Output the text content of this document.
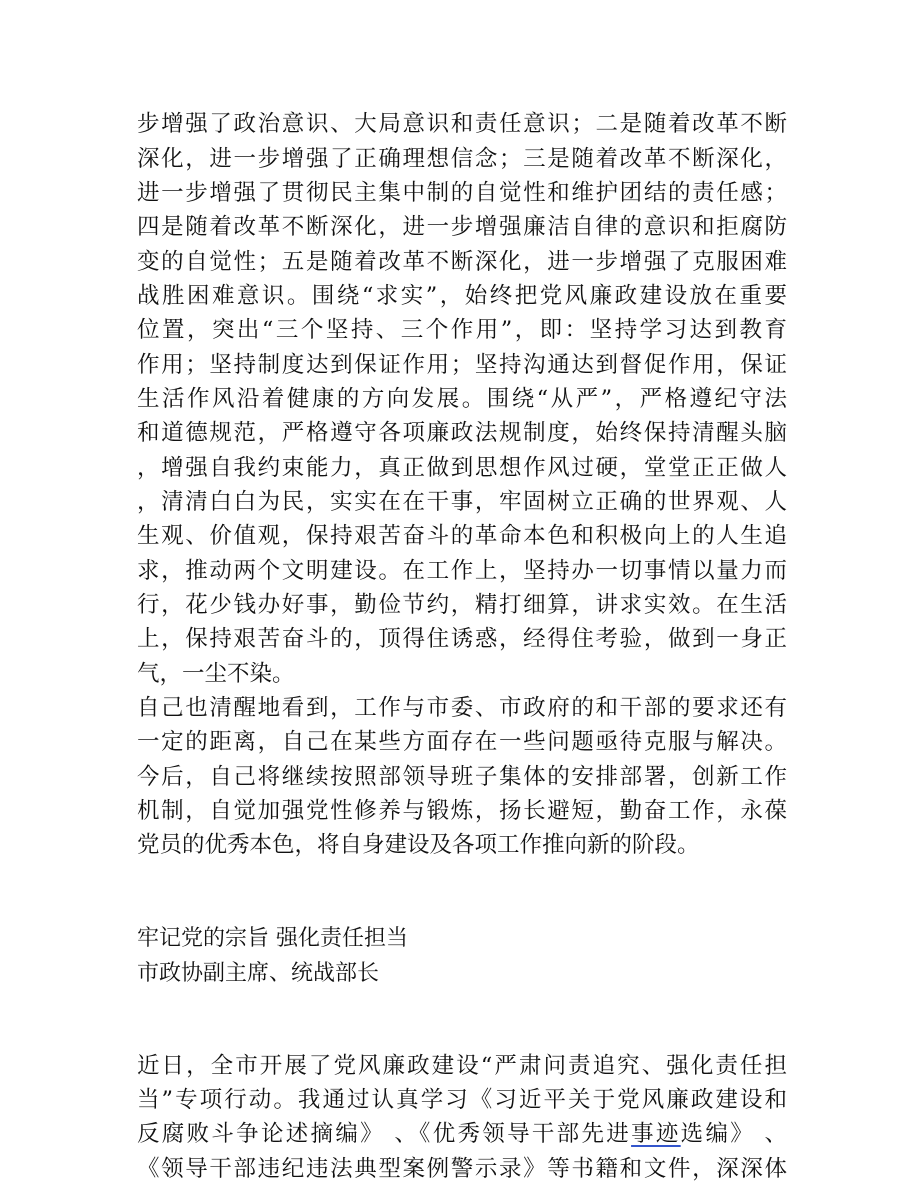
步增强了政治意识、大局意识和责任意识；二是随着改革不断
深化，进一步增强了正确理想信念；三是随着改革不断深化，
进一步增强了贯彻民主集中制的自觉性和维护团结的责任感；
四是随着改革不断深化，进一步增强廉洁自律的意识和拒腐防
变的自觉性；五是随着改革不断深化，进一步增强了克服困难
战胜困难意识。围绕“求实”，始终把党风廉政建设放在重要
位置，突出“三个坚持、三个作用”，即：坚持学习达到教育
作用；坚持制度达到保证作用；坚持沟通达到督促作用，保证
生活作风沿着健康的方向发展。围绕“从严”，严格遵纪守法
和道德规范，严格遵守各项廉政法规制度，始终保持清醒头脑
，增强自我约束能力，真正做到思想作风过硬，堂堂正正做人
，清清白白为民，实实在在干事，牢固树立正确的世界观、人
生观、价值观，保持艰苦奋斗的革命本色和积极向上的人生追
求，推动两个文明建设。在工作上，坚持办一切事情以量力而
行，花少钱办好事，勤俭节约，精打细算，讲求实效。在生活
上，保持艰苦奋斗的，顶得住诱惑，经得住考验，做到一身正
气，一尘不染。
自己也清醒地看到，工作与市委、市政府的和干部的要求还有
一定的距离，自己在某些方面存在一些问题亟待克服与解决。
今后，自己将继续按照部领导班子集体的安排部署，创新工作
机制，自觉加强党性修养与锻炼，扬长避短，勤奋工作，永葆
党员的优秀本色，将自身建设及各项工作推向新的阶段。
牢记党的宗旨 强化责任担当
市政协副主席、统战部长
近日，全市开展了党风廉政建设“严肃问责追究、强化责任担
当”专项行动。我通过认真学习《习近平关于党风廉政建设和
反腐败斗争论述摘编》 、《优秀领导干部先进事迹选编》 、
《领导干部违纪违法典型案例警示录》等书籍和文件，深深体
